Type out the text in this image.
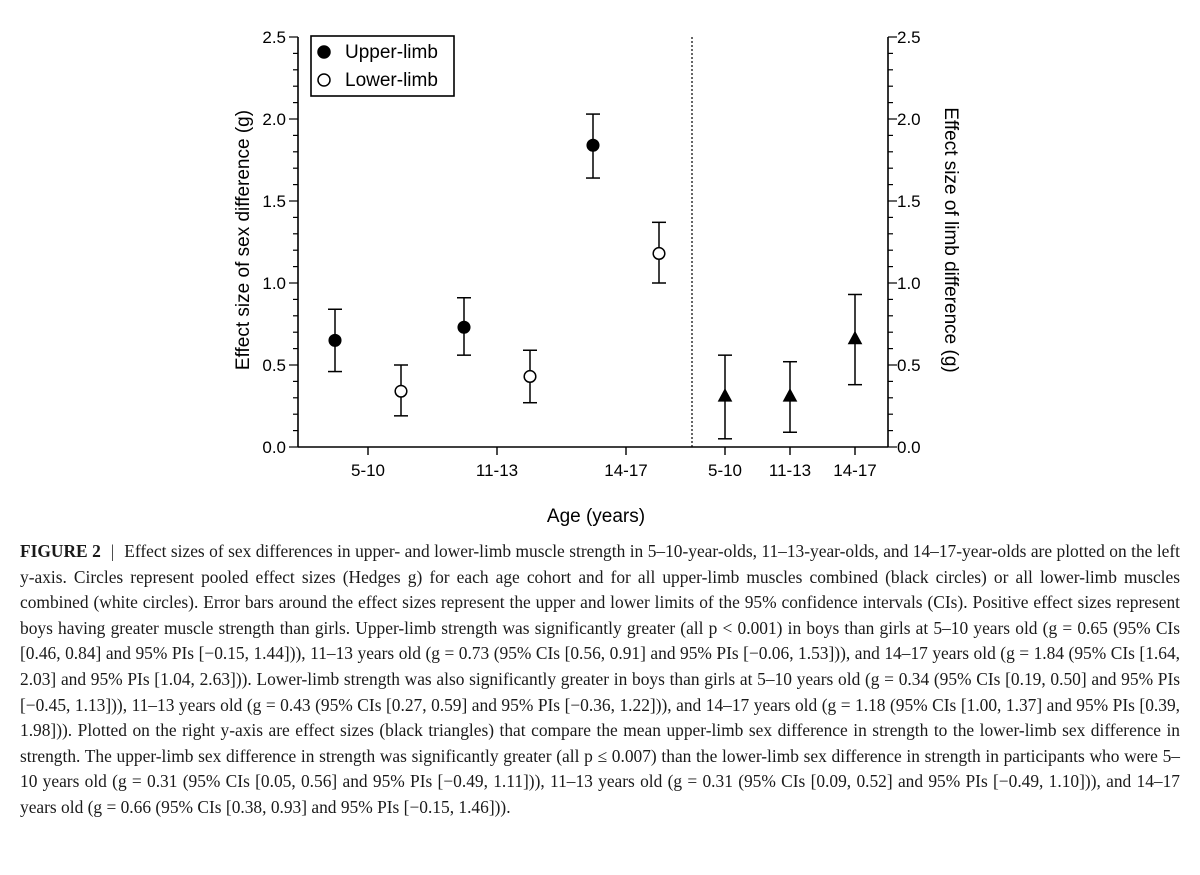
0.0
0.5
1.0
1.5
2.0
2.5
0.0
0.5
1.0
1.5
2.0
2.5
5-10	11-13	14-17	5-10 11-13 14-17
Age (years)
Effect size of sex difference (g)	Effect size of limb difference (g)
Upper-limb
Lower-limb
FIGURE 2 | Effect sizes of sex differences in upper- and lower-limb muscle strength in 5–10-year-olds, 11–13-year-olds, and 14–17-year-olds are plotted on the left y-axis. Circles represent pooled effect sizes (Hedges g) for each age cohort and for all upper-limb muscles combined (black circles) or all lower-limb muscles combined (white circles). Error bars around the effect sizes represent the upper and lower limits of the 95% confidence intervals (CIs). Positive effect sizes represent boys having greater muscle strength than girls. Upper-limb strength was significantly greater (all p < 0.001) in boys than girls at 5–10 years old (g = 0.65 (95% CIs [0.46, 0.84] and 95% PIs [−0.15, 1.44])), 11–13 years old (g = 0.73 (95% CIs [0.56, 0.91] and 95% PIs [−0.06, 1.53])), and 14–17 years old (g = 1.84 (95% CIs [1.64, 2.03] and 95% PIs [1.04, 2.63])). Lower-limb strength was also significantly greater in boys than girls at 5–10 years old (g = 0.34 (95% CIs [0.19, 0.50] and 95% PIs [−0.45, 1.13])), 11–13 years old (g = 0.43 (95% CIs [0.27, 0.59] and 95% PIs [−0.36, 1.22])), and 14–17 years old (g = 1.18 (95% CIs [1.00, 1.37] and 95% PIs [0.39, 1.98])). Plotted on the right y-axis are effect sizes (black triangles) that compare the mean upper-limb sex difference in strength to the lower-limb sex difference in strength. The upper-limb sex difference in strength was significantly greater (all p ≤ 0.007) than the lower-limb sex difference in strength in participants who were 5–10 years old (g = 0.31 (95% CIs [0.05, 0.56] and 95% PIs [−0.49, 1.11])), 11–13 years old (g = 0.31 (95% CIs [0.09, 0.52] and 95% PIs [−0.49, 1.10])), and 14–17 years old (g = 0.66 (95% CIs [0.38, 0.93] and 95% PIs [−0.15, 1.46])).
